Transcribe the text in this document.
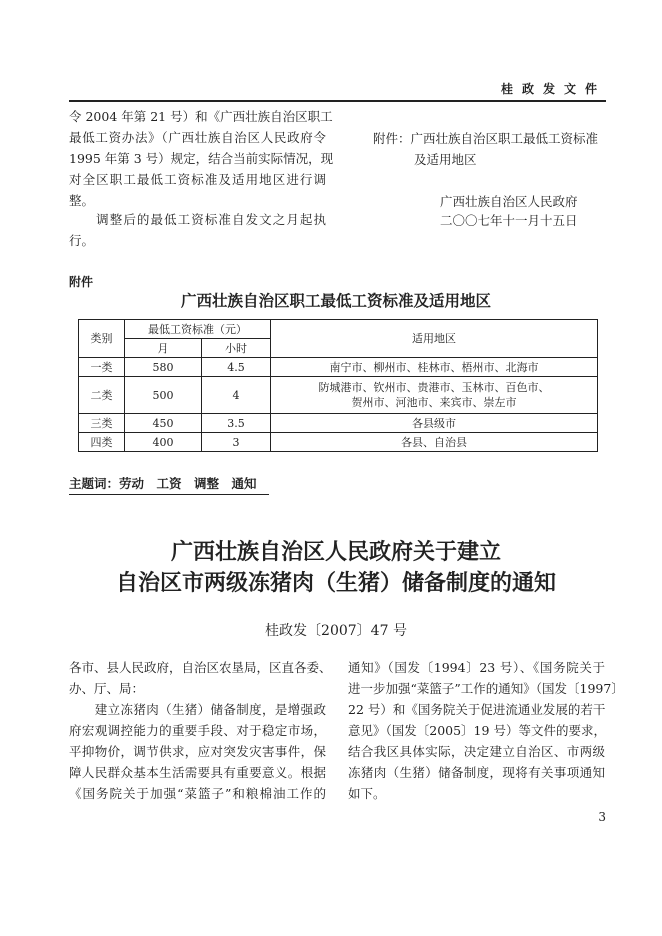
桂政发文件
令 2004 年第 21 号）和《广西壮族自治区职工
最低工资办法》（广西壮族自治区人民政府令
1995 年第 3 号）规定，结合当前实际情况，现
对全区职工最低工资标准及适用地区进行调
整。
　　调整后的最低工资标准自发文之月起执
行。
附件：广西壮族自治区职工最低工资标准
及适用地区
广西壮族自治区人民政府
二〇〇七年十一月十五日
附件
广西壮族自治区职工最低工资标准及适用地区
类别	最低工资标准（元）		适用地区
	月	小时	
一类	580	4.5	南宁市、柳州市、桂林市、梧州市、北海市
二类	500	4	防城港市、钦州市、贵港市、玉林市、百色市、
贺州市、河池市、来宾市、崇左市

三类	450	3.5	各县级市
四类	400	3	各县、自治县
主题词：劳动　工资　调整　通知
广西壮族自治区人民政府关于建立
自治区市两级冻猪肉（生猪）储备制度的通知
桂政发〔2007〕47 号
各市、县人民政府，自治区农垦局，区直各委、
办、厅、局：
　　建立冻猪肉（生猪）储备制度，是增强政
府宏观调控能力的重要手段、对于稳定市场，
平抑物价，调节供求，应对突发灾害事件，保
障人民群众基本生活需要具有重要意义。根据
《国务院关于加强“菜篮子”和粮棉油工作的
通知》（国发〔1994〕23 号）、《国务院关于
进一步加强“菜篮子”工作的通知》（国发〔1997〕
22 号）和《国务院关于促进流通业发展的若干
意见》（国发〔2005〕19 号）等文件的要求，
结合我区具体实际，决定建立自治区、市两级
冻猪肉（生猪）储备制度，现将有关事项通知
如下。
3
